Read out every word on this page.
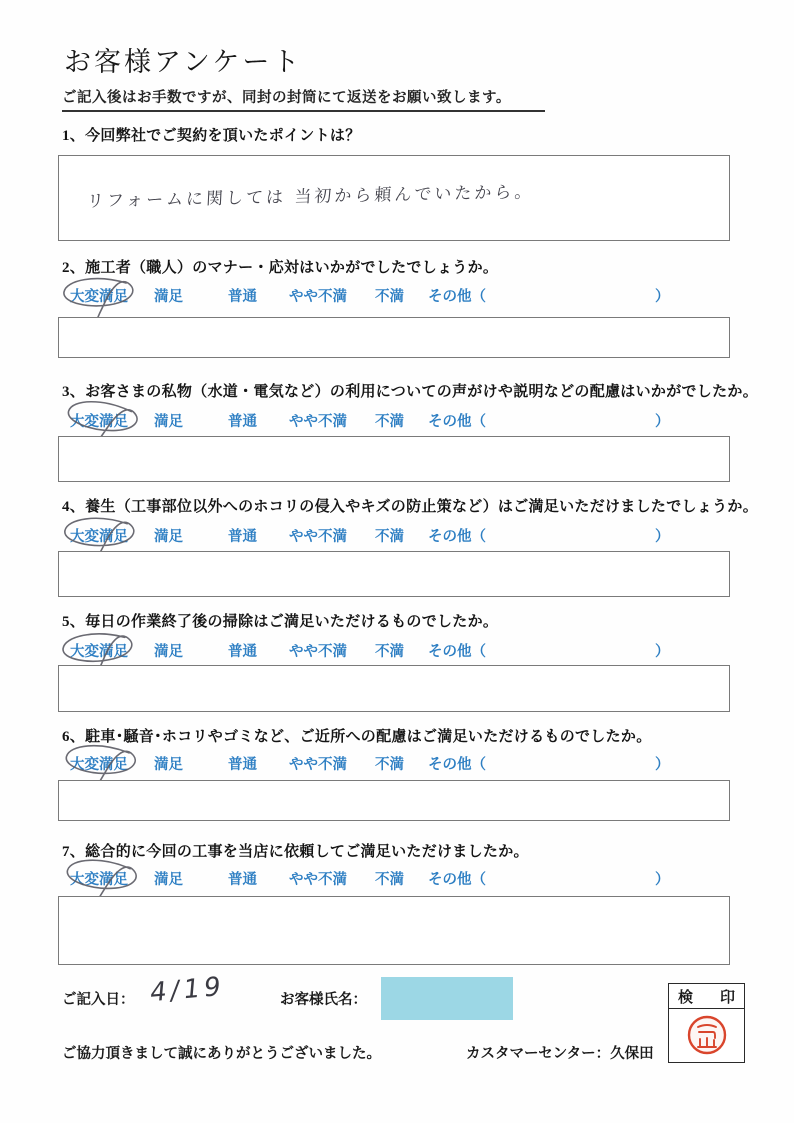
お客様アンケート
ご記入後はお手数ですが、同封の封筒にて返送をお願い致します。
1、今回弊社でご契約を頂いたポイントは？
リフォームに関しては 当初から頼んでいたから。
2、施工者（職人）のマナー・応対はいかがでしたでしょうか。
大変満足 満足	普通 やや不満 不満 その他（	）
3、お客さまの私物（水道・電気など）の利用についての声がけや説明などの配慮はいかがでしたか。
大変満足 満足	普通 やや不満 不満 その他（	）
4、養生（工事部位以外へのホコリの侵入やキズの防止策など）はご満足いただけましたでしょうか。
大変満足 満足	普通 やや不満 不満 その他（	）
5、毎日の作業終了後の掃除はご満足いただけるものでしたか。
大変満足 満足	普通 やや不満 不満 その他（	）
6、駐車･騒音･ホコリやゴミなど、ご近所への配慮はご満足いただけるものでしたか。
大変満足 満足	普通 やや不満 不満 その他（	）
7、総合的に今回の工事を当店に依頼してご満足いただけましたか。
大変満足 満足	普通 やや不満 不満 その他（	）
ご記入日： 4/19	お客様氏名：	検　印
ご協力頂きまして誠にありがとうございました。	カスタマーセンター：久保田
